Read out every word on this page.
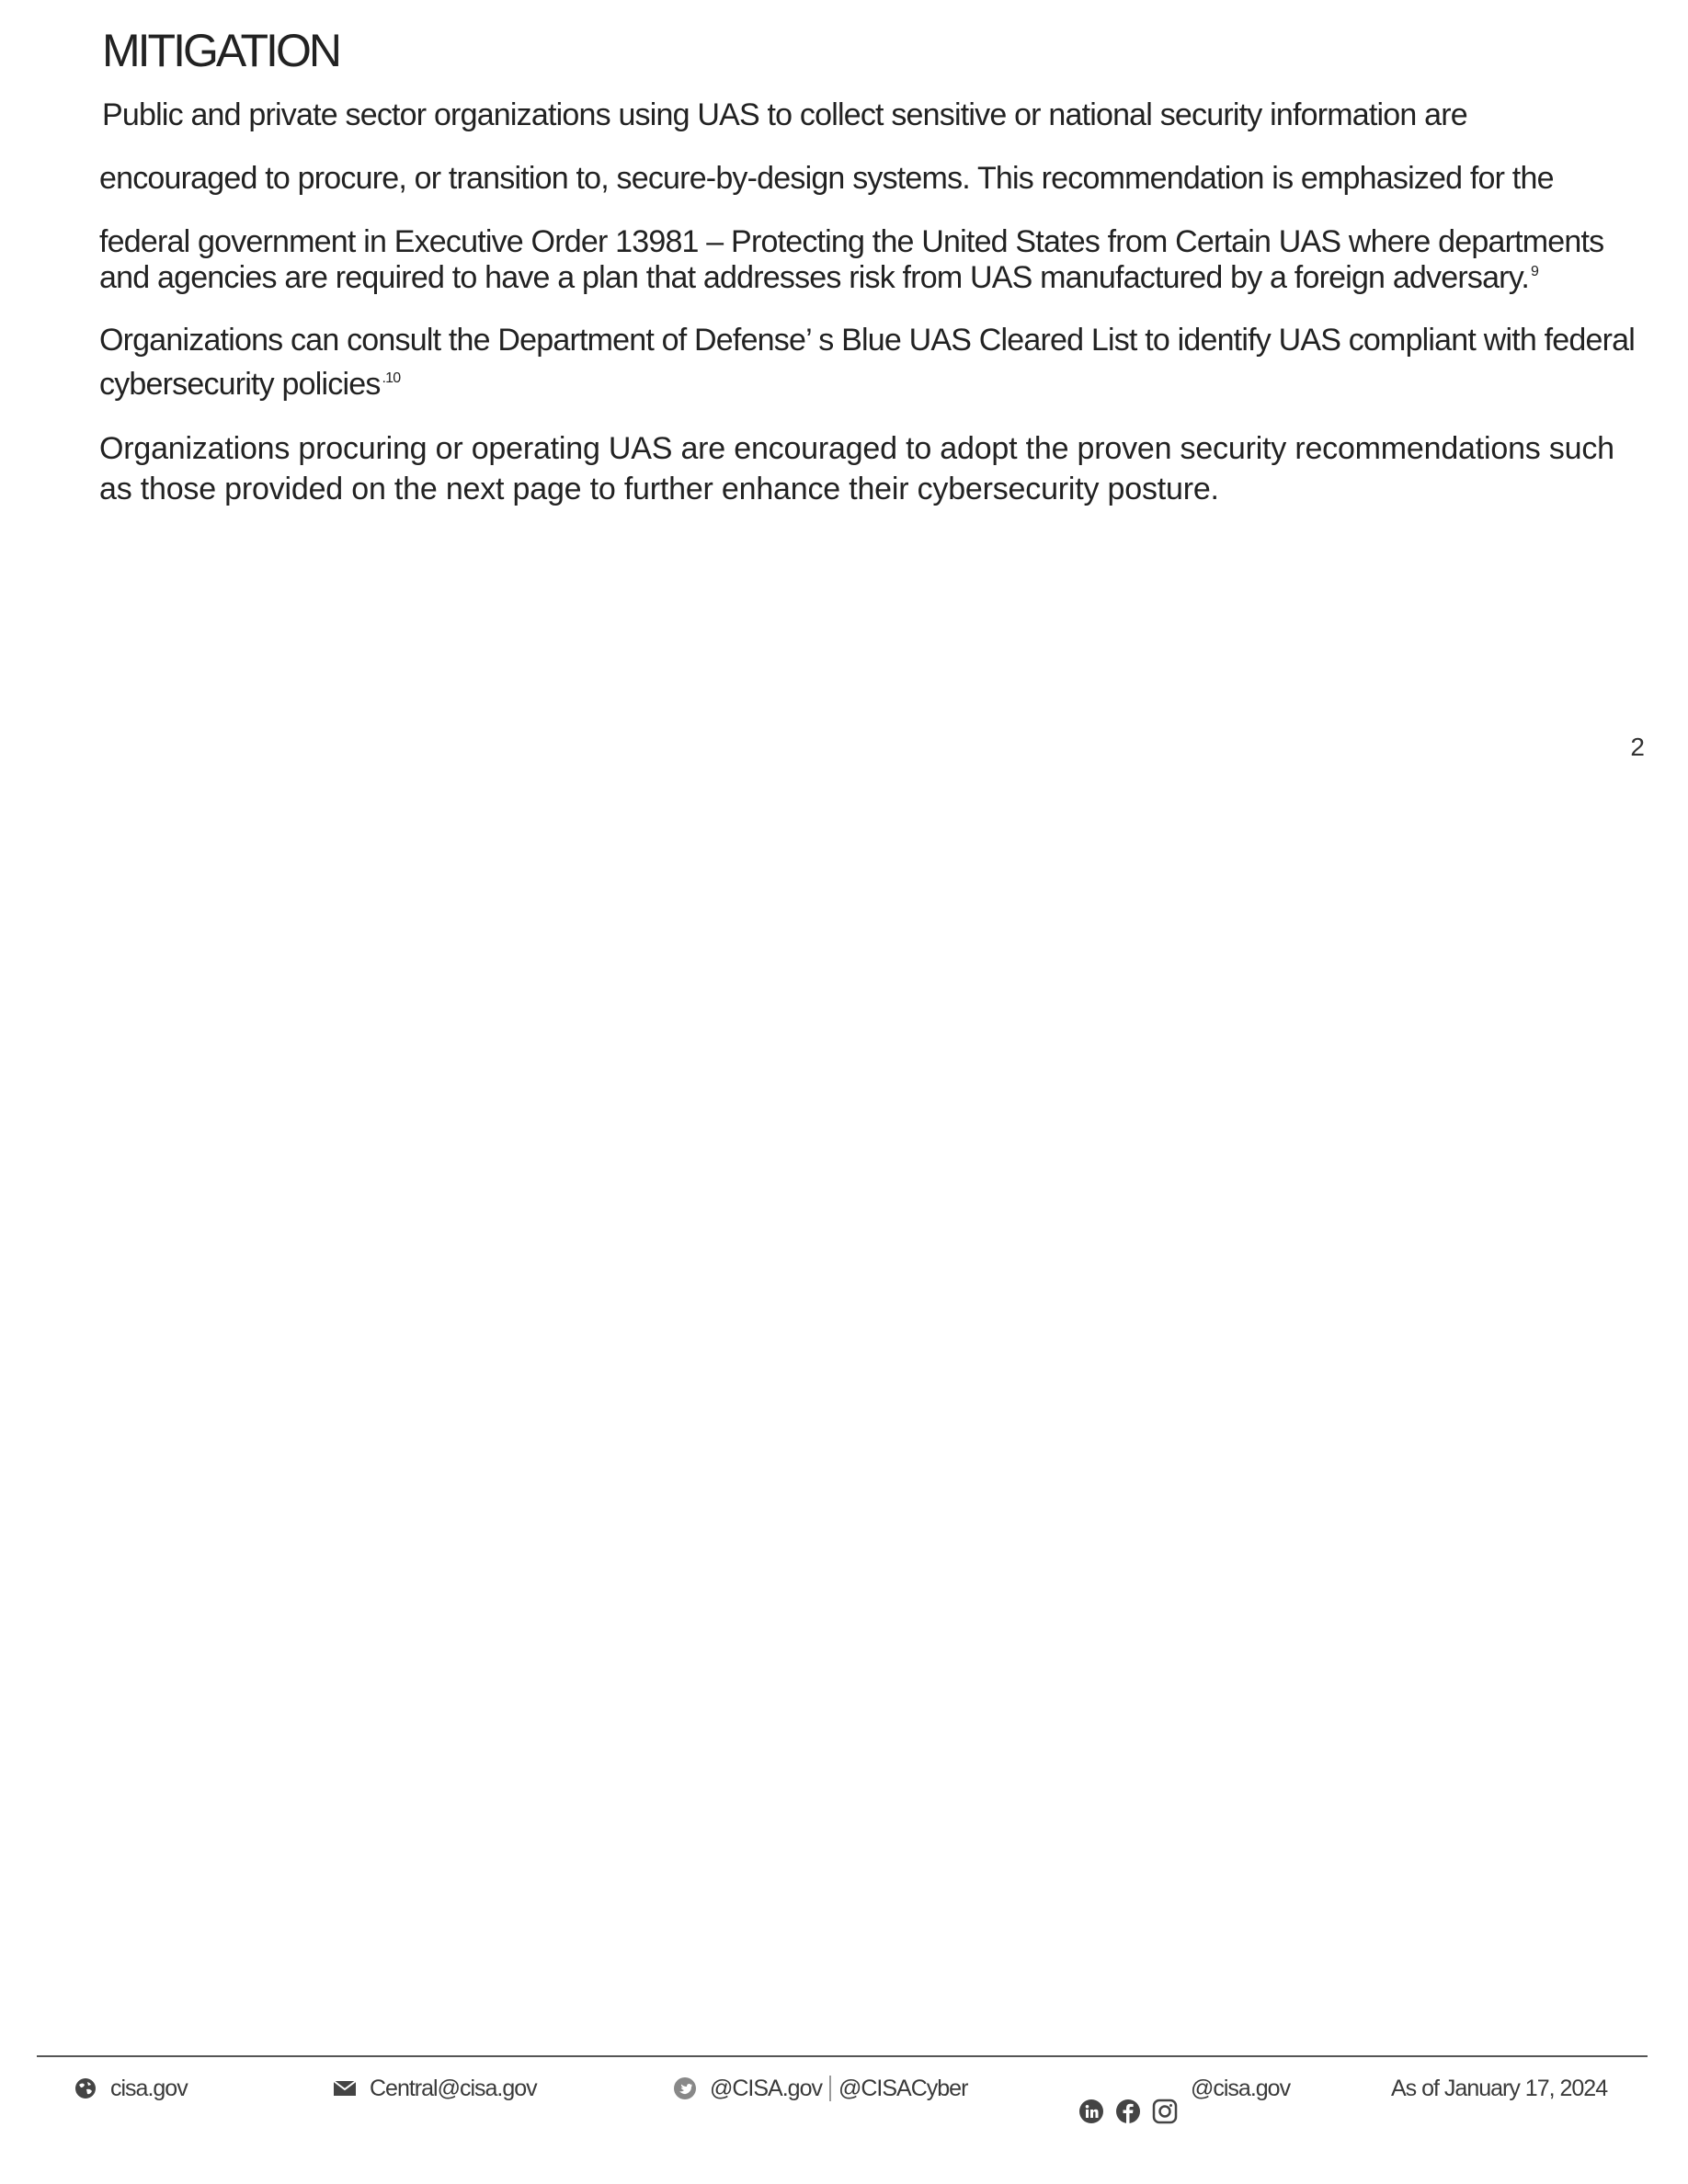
MITIGATION

Public and private sector organizations using UAS to collect sensitive or national security information are

encouraged to procure, or transition to, secure-by-design systems. This recommendation is emphasized for the

federal government in Executive Order 13981 – Protecting the United States from Certain UAS where departments

and agencies are required to have a plan that addresses risk from UAS manufactured by a foreign adversary. $^9$

Organizations can consult the Department of Defense’ s Blue UAS Cleared List to identify UAS compliant with federal

cybersecurity policies $^{.10}$

Organizations procuring or operating UAS are encouraged to adopt the proven security recommendations such as those provided on the next page to further enhance their cybersecurity posture.

2
cisa.gov	Central@cisa.gov	@CISA.gov @CISACyber	@cisa.gov	As of January 17, 2024
